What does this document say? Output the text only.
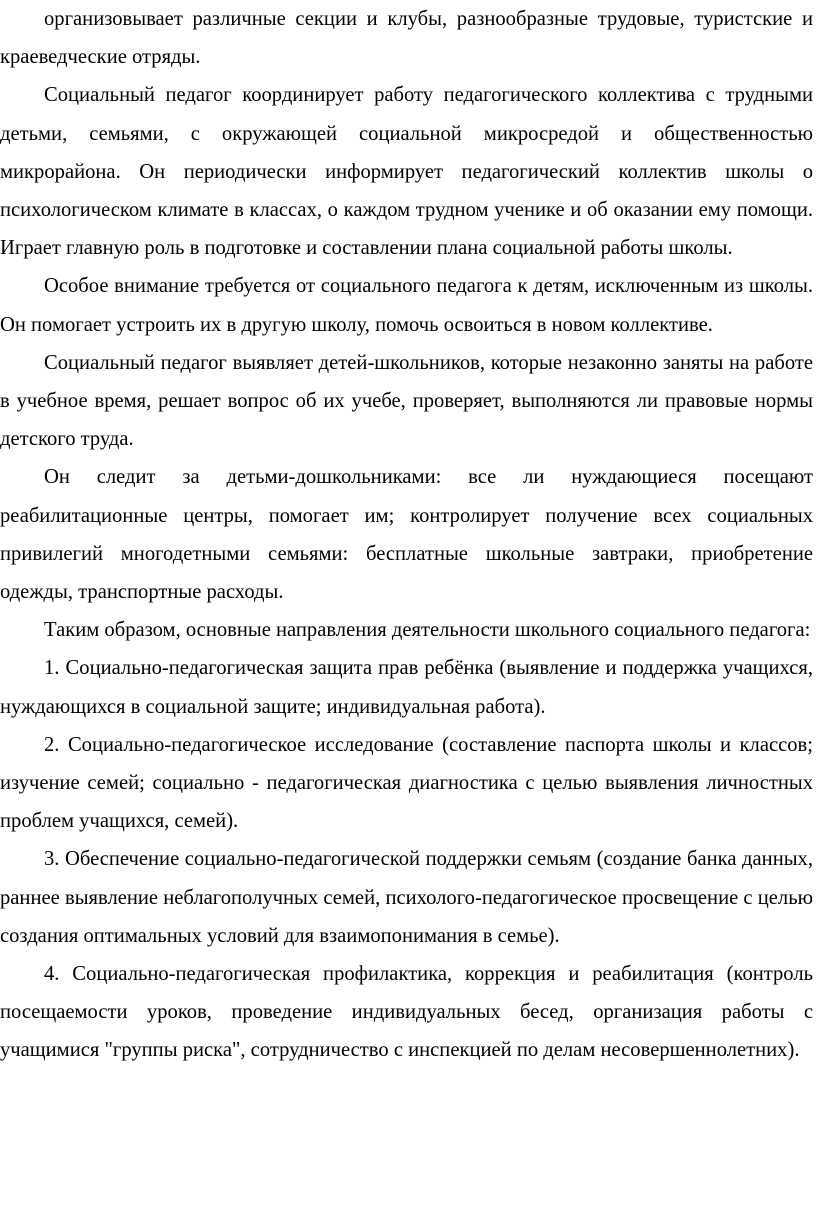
организовывает различные секции и клубы, разнообразные трудовые, туристские и краеведческие отряды.

Социальный педагог координирует работу педагогического коллектива с трудными детьми, семьями, с окружающей социальной микросредой и общественностью микрорайона. Он периодически информирует педагогический коллектив школы о психологическом климате в классах, о каждом трудном ученике и об оказании ему помощи. Играет главную роль в подготовке и составлении плана социальной работы школы.

Особое внимание требуется от социального педагога к детям, исключенным из школы. Он помогает устроить их в другую школу, помочь освоиться в новом коллективе.

Социальный педагог выявляет детей-школьников, которые незаконно заняты на работе в учебное время, решает вопрос об их учебе, проверяет, выполняются ли правовые нормы детского труда.

Он следит за детьми-дошкольниками: все ли нуждающиеся посещают реабилитационные центры, помогает им; контролирует получение всех социальных привилегий многодетными семьями: бесплатные школьные завтраки, приобретение одежды, транспортные расходы.

Таким образом, основные направления деятельности школьного социального педагога:

1. Социально-педагогическая защита прав ребёнка (выявление и поддержка учащихся, нуждающихся в социальной защите; индивидуальная работа).

2. Социально-педагогическое исследование (составление паспорта школы и классов; изучение семей; социально - педагогическая диагностика с целью выявления личностных проблем учащихся, семей).

3. Обеспечение социально-педагогической поддержки семьям (создание банка данных, раннее выявление неблагополучных семей, психолого-педагогическое просвещение с целью создания оптимальных условий для взаимопонимания в семье).

4. Социально-педагогическая профилактика, коррекция и реабилитация (контроль посещаемости уроков, проведение индивидуальных бесед, организация работы с учащимися "группы риска", сотрудничество с инспекцией по делам несовершеннолетних).
